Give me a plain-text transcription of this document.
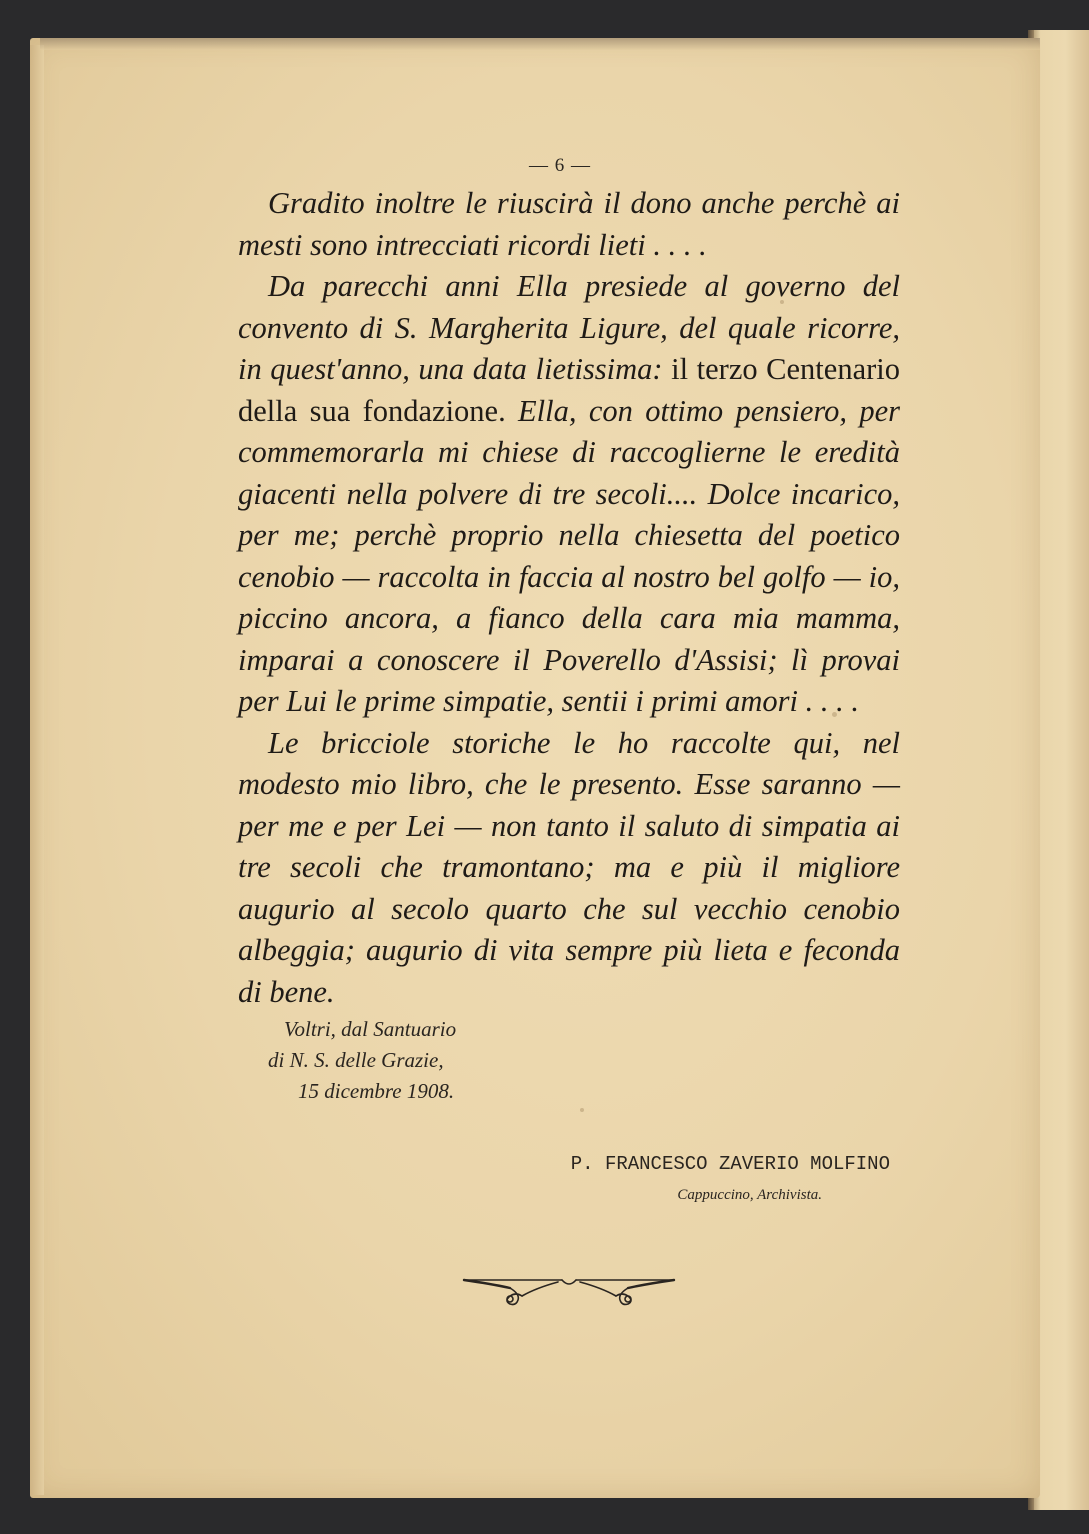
— 6 —

Gradito inoltre le riuscirà il dono anche perchè ai mesti sono intrecciati ricordi lieti . . . .

Da parecchi anni Ella presiede al governo del convento di S. Margherita Ligure, del quale ricorre, in quest'anno, una data lietissima: il terzo Centenario della sua fondazione. Ella, con ottimo pensiero, per commemorarla mi chiese di raccoglierne le eredità giacenti nella polvere di tre secoli.... Dolce incarico, per me; perchè proprio nella chiesetta del poetico cenobio — raccolta in faccia al nostro bel golfo — io, piccino ancora, a fianco della cara mia mamma, imparai a conoscere il Poverello d'Assisi; lì provai per Lui le prime simpatie, sentii i primi amori . . . .

Le bricciole storiche le ho raccolte qui, nel modesto mio libro, che le presento. Esse saranno — per me e per Lei — non tanto il saluto di simpatia ai tre secoli che tramontano; ma e più il migliore augurio al secolo quarto che sul vecchio cenobio albeggia; augurio di vita sempre più lieta e feconda di bene.

Voltri, dal Santuario
di N. S. delle Grazie,
15 dicembre 1908.
P. FRANCESCO ZAVERIO MOLFINO
Cappuccino, Archivista.
